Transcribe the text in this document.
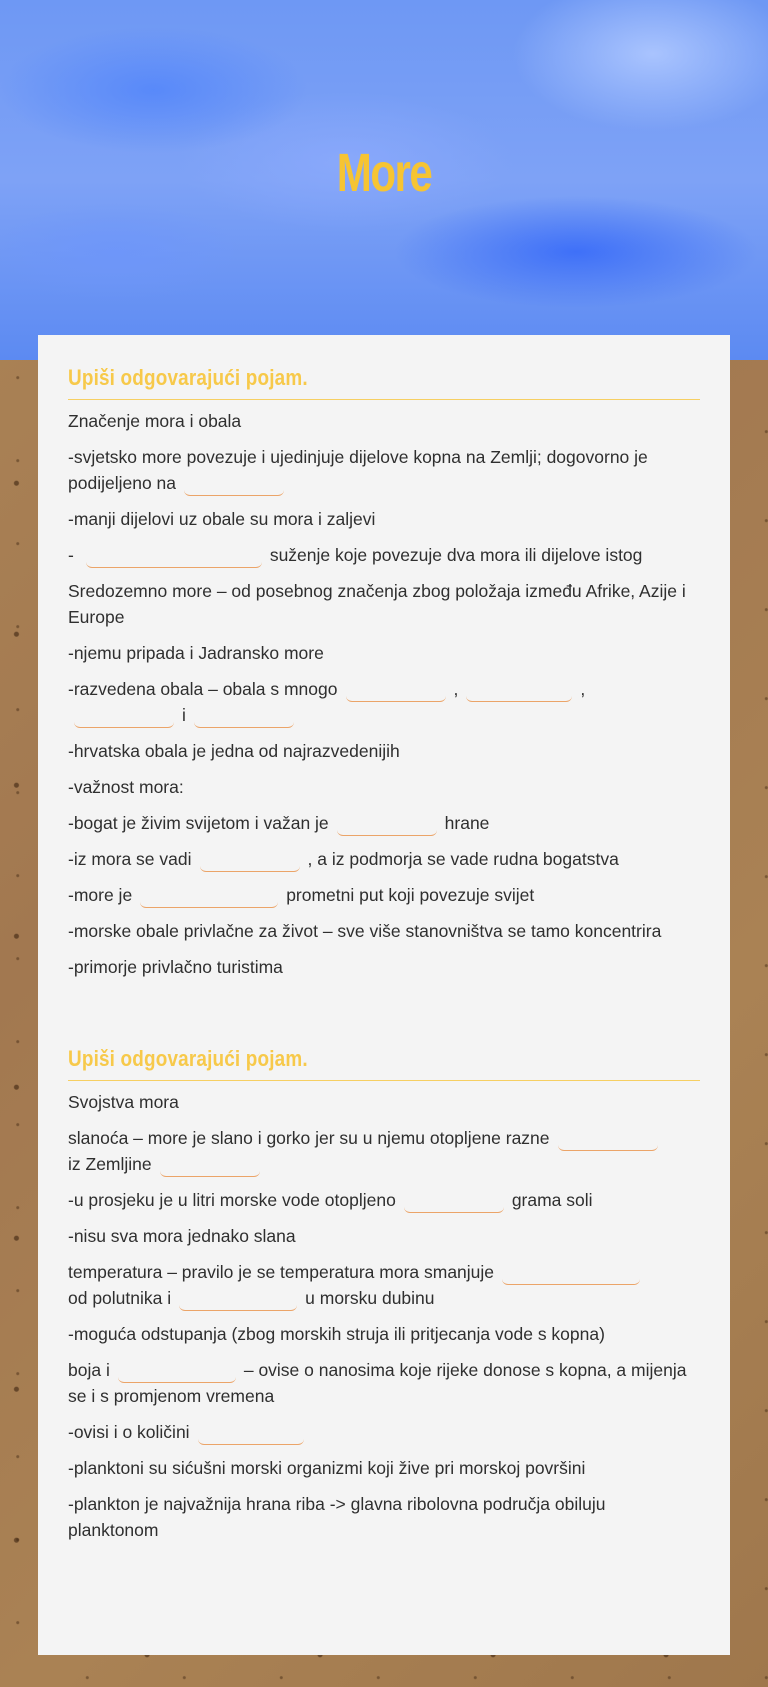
More
Upiši odgovarajući pojam.

Značenje mora i obala

-svjetsko more povezuje i ujedinjuje dijelove kopna na Zemlji; dogovorno je podijeljeno na

-manji dijelovi uz obale su mora i zaljevi

-	suženje koje povezuje dva mora ili dijelove istog

Sredozemno more – od posebnog značenja zbog položaja između Afrike, Azije i Europe

-njemu pripada i Jadransko more

-razvedena obala – obala s mnogo	,	,
i

-hrvatska obala je jedna od najrazvedenijih

-važnost mora:

-bogat je živim svijetom i važan je	hrane

-iz mora se vadi	, a iz podmorja se vade rudna bogatstva

-more je	prometni put koji povezuje svijet

-morske obale privlačne za život – sve više stanovništva se tamo koncentrira

-primorje privlačno turistima

Upiši odgovarajući pojam.

Svojstva mora

slanoća – more je slano i gorko jer su u njemu otopljene razne
iz Zemljine

-u prosjeku je u litri morske vode otopljeno	grama soli

-nisu sva mora jednako slana

temperatura – pravilo je se temperatura mora smanjuje
od polutnika i	u morsku dubinu

-moguća odstupanja (zbog morskih struja ili pritjecanja vode s kopna)

boja i	– ovise o nanosima koje rijeke donose s kopna, a mijenja se i s promjenom vremena

-ovisi i o količini

-planktoni su sićušni morski organizmi koji žive pri morskoj površini

-plankton je najvažnija hrana riba -> glavna ribolovna područja obiluju planktonom
